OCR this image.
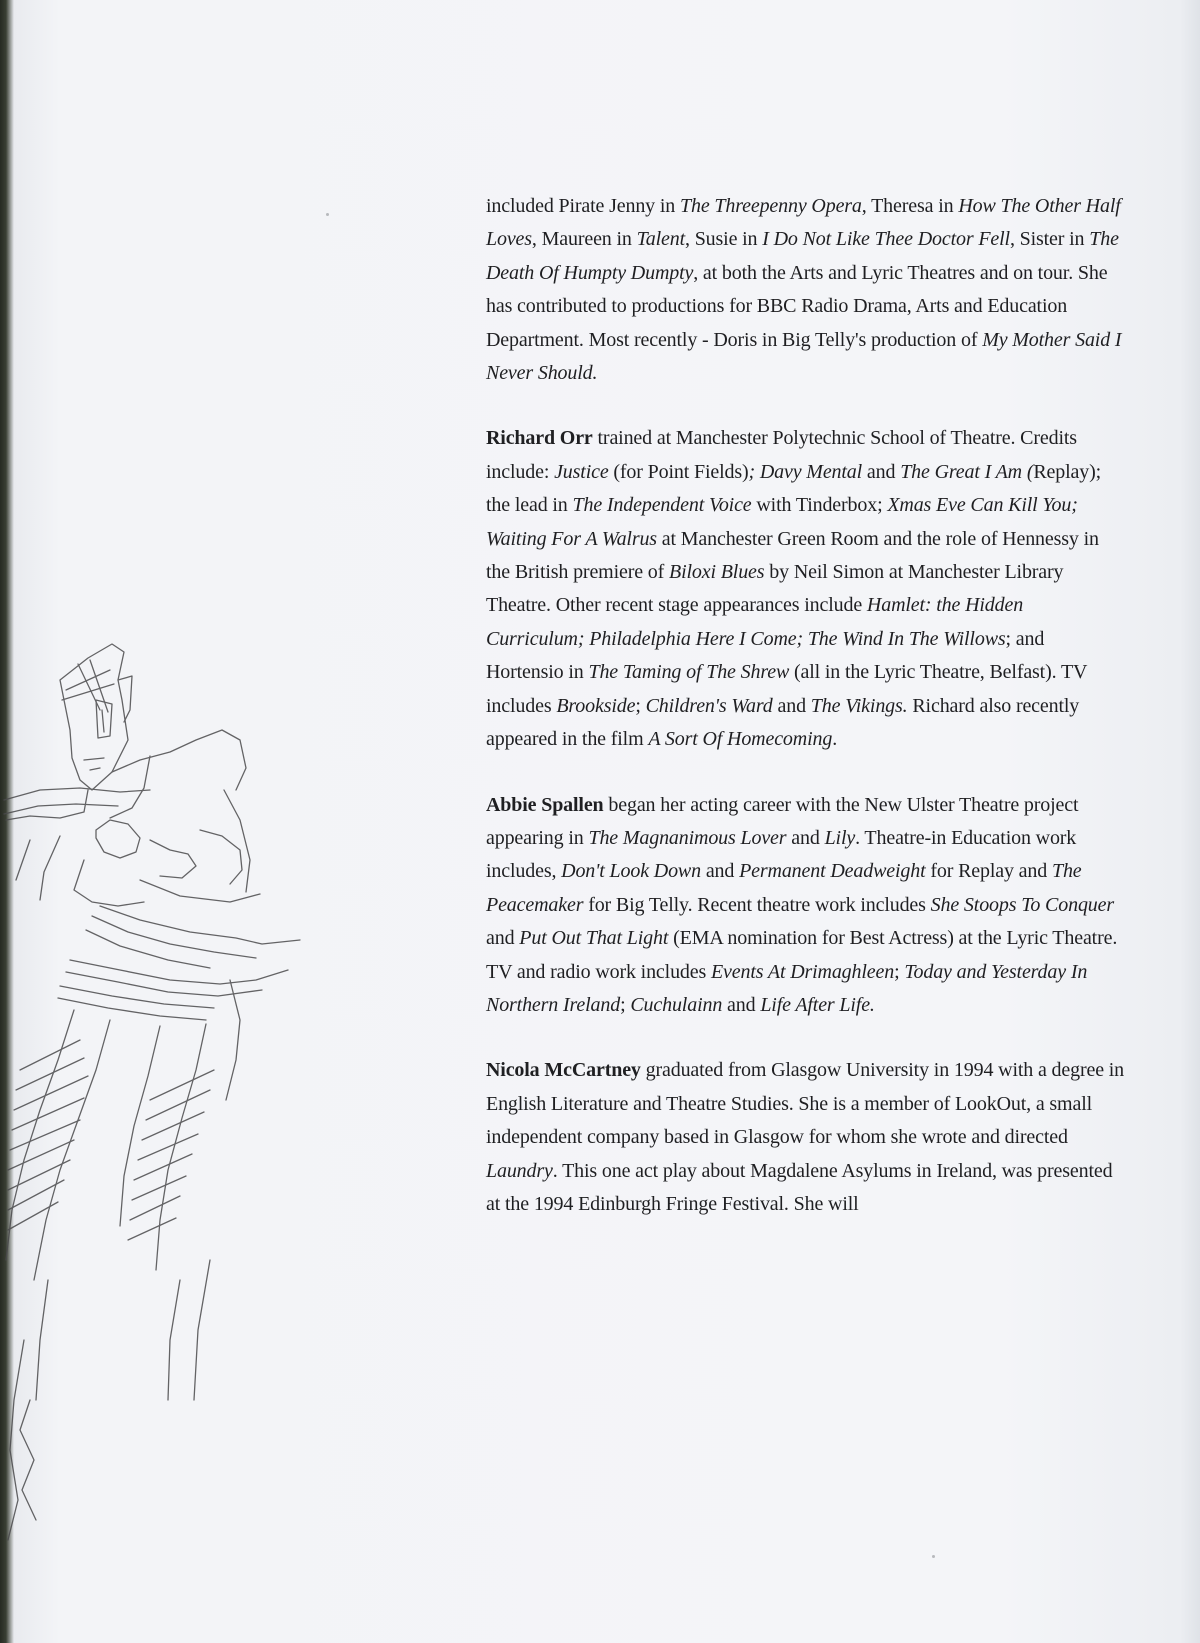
included Pirate Jenny in The Threepenny Opera, Theresa in How The Other Half Loves, Maureen in Talent, Susie in I Do Not Like Thee Doctor Fell, Sister in The Death Of Humpty Dumpty, at both the Arts and Lyric Theatres and on tour. She has contributed to productions for BBC Radio Drama, Arts and Education Department. Most recently - Doris in Big Telly's production of My Mother Said I Never Should.

Richard Orr trained at Manchester Polytechnic School of Theatre. Credits include: Justice (for Point Fields); Davy Mental and The Great I Am (Replay); the lead in The Independent Voice with Tinderbox; Xmas Eve Can Kill You; Waiting For A Walrus at Manchester Green Room and the role of Hennessy in the British premiere of Biloxi Blues by Neil Simon at Manchester Library Theatre. Other recent stage appearances include Hamlet: the Hidden Curriculum; Philadelphia Here I Come; The Wind In The Willows; and Hortensio in The Taming of The Shrew (all in the Lyric Theatre, Belfast). TV includes Brookside; Children's Ward and The Vikings. Richard also recently appeared in the film A Sort Of Homecoming.

Abbie Spallen began her acting career with the New Ulster Theatre project appearing in The Magnanimous Lover and Lily. Theatre-in Education work includes, Don't Look Down and Permanent Deadweight for Replay and The Peacemaker for Big Telly. Recent theatre work includes She Stoops To Conquer and Put Out That Light (EMA nomination for Best Actress) at the Lyric Theatre. TV and radio work includes Events At Drimaghleen; Today and Yesterday In Northern Ireland; Cuchulainn and Life After Life.

Nicola McCartney graduated from Glasgow University in 1994 with a degree in English Literature and Theatre Studies. She is a member of LookOut, a small independent company based in Glasgow for whom she wrote and directed Laundry. This one act play about Magdalene Asylums in Ireland, was presented at the 1994 Edinburgh Fringe Festival. She will
